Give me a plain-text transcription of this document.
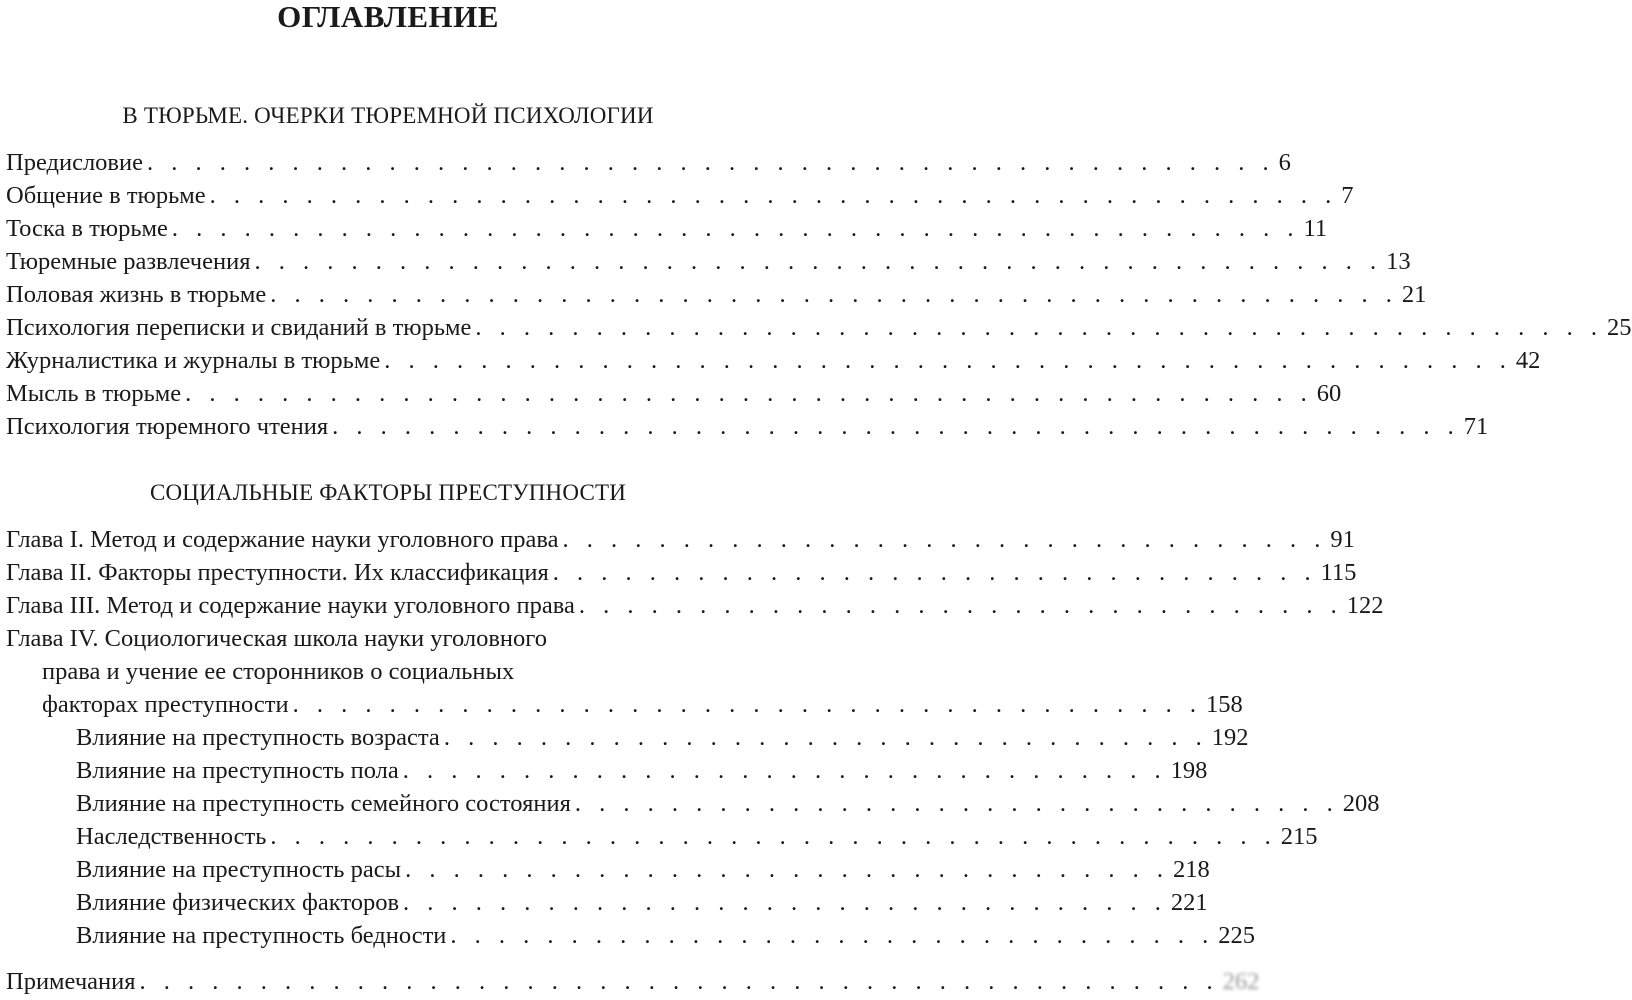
ОГЛАВЛЕНИЕ
В ТЮРЬМЕ. ОЧЕРКИ ТЮРЕМНОЙ ПСИХОЛОГИИ
Предисловие . . . . . . . . . . . . . . . . . . . . . . . . . . . . . . . . . . . . . . . . . . . . . . . 6
Общение в тюрьме . . . . . . . . . . . . . . . . . . . . . . . . . . . . . . . . . . . . . . . . . . . . . . . 7
Тоска в тюрьме . . . . . . . . . . . . . . . . . . . . . . . . . . . . . . . . . . . . . . . . . . . . . . . 11
Тюремные развлечения . . . . . . . . . . . . . . . . . . . . . . . . . . . . . . . . . . . . . . . . . . . . . . . 13
Половая жизнь в тюрьме . . . . . . . . . . . . . . . . . . . . . . . . . . . . . . . . . . . . . . . . . . . . . . . 21
Психология переписки и свиданий в тюрьме . . . . . . . . . . . . . . . . . . . . . . . . . . . . . . . . . . . . . . . . . . . . . . . 25
Журналистика и журналы в тюрьме . . . . . . . . . . . . . . . . . . . . . . . . . . . . . . . . . . . . . . . . . . . . . . . 42
Мысль в тюрьме . . . . . . . . . . . . . . . . . . . . . . . . . . . . . . . . . . . . . . . . . . . . . . . 60
Психология тюремного чтения . . . . . . . . . . . . . . . . . . . . . . . . . . . . . . . . . . . . . . . . . . . . . . . 71
СОЦИАЛЬНЫЕ ФАКТОРЫ ПРЕСТУПНОСТИ
Глава I. Метод и содержание науки уголовного права . . . . . . . . . . . . . . . . . . . . . . . . . . . . . . . . 91
Глава II. Факторы преступности. Их классификация . . . . . . . . . . . . . . . . . . . . . . . . . . . . . . . . 115
Глава III. Метод и содержание науки уголовного права . . . . . . . . . . . . . . . . . . . . . . . . . . . . . . . . 122
Глава IV. Социологическая школа науки уголовного
права и учение ее сторонников о социальных
факторах преступности . . . . . . . . . . . . . . . . . . . . . . . . . . . . . . . . . . . . . . 158
Влияние на преступность возраста . . . . . . . . . . . . . . . . . . . . . . . . . . . . . . . . 192
Влияние на преступность пола . . . . . . . . . . . . . . . . . . . . . . . . . . . . . . . . 198
Влияние на преступность семейного состояния . . . . . . . . . . . . . . . . . . . . . . . . . . . . . . . . 208
Наследственность . . . . . . . . . . . . . . . . . . . . . . . . . . . . . . . . . . . . . . . . . . 215
Влияние на преступность расы . . . . . . . . . . . . . . . . . . . . . . . . . . . . . . . . 218
Влияние физических факторов . . . . . . . . . . . . . . . . . . . . . . . . . . . . . . . . 221
Влияние на преступность бедности . . . . . . . . . . . . . . . . . . . . . . . . . . . . . . . . 225
Примечания . . . . . . . . . . . . . . . . . . . . . . . . . . . . . . . . . . . . . . . . . . . . . 262
